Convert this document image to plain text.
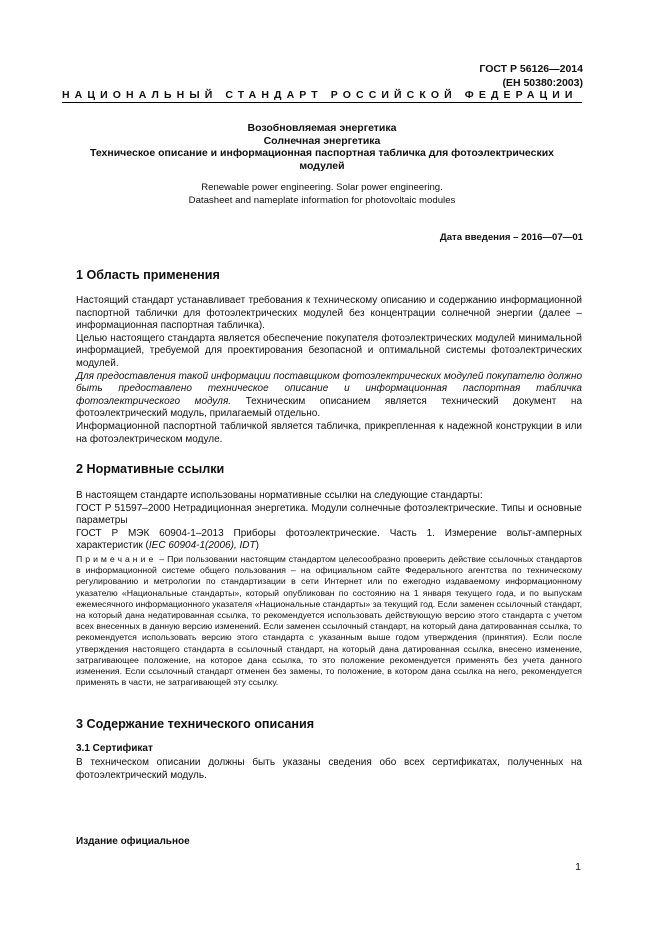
ГОСТ Р 56126—2014
(ЕН 50380:2003)
НАЦИОНАЛЬНЫЙ СТАНДАРТ РОССИЙСКОЙ ФЕДЕРАЦИИ
Возобновляемая энергетика
Солнечная энергетика
Техническое описание и информационная паспортная табличка для фотоэлектрических
модулей
Renewable power engineering. Solar power engineering.
Datasheet and nameplate information for photovoltaic modules
Дата введения – 2016—07—01
1 Область применения

Настоящий стандарт устанавливает требования к техническому описанию и содержанию информационной паспортной таблички для фотоэлектрических модулей без концентрации солнечной энергии (далее – информационная паспортная табличка).

Целью настоящего стандарта является обеспечение покупателя фотоэлектрических модулей минимальной информацией, требуемой для проектирования безопасной и оптимальной системы фотоэлектрических модулей.

Для предоставления такой информации поставщиком фотоэлектрических модулей покупателю должно быть предоставлено техническое описание и информационная паспортная табличка фотоэлектрического модуля. Техническим описанием является технический документ на фотоэлектрический модуль, прилагаемый отдельно.

Информационной паспортной табличкой является табличка, прикрепленная к надежной конструкции в или на фотоэлектрическом модуле.

2 Нормативные ссылки

В настоящем стандарте использованы нормативные ссылки на следующие стандарты:

ГОСТ Р 51597–2000 Нетрадиционная энергетика. Модули солнечные фотоэлектрические. Типы и основные параметры

ГОСТ Р МЭК 60904-1–2013 Приборы фотоэлектрические. Часть 1. Измерение вольт-амперных характеристик (IEC 60904-1(2006), IDT)

Примечание – При пользовании настоящим стандартом целесообразно проверить действие ссылочных стандартов в информационной системе общего пользования – на официальном сайте Федерального агентства по техническому регулированию и метрологии по стандартизации в сети Интернет или по ежегодно издаваемому информационному указателю «Национальные стандарты», который опубликован по состоянию на 1 января текущего года, и по выпускам ежемесячного информационного указателя «Национальные стандарты» за текущий год. Если заменен ссылочный стандарт, на который дана недатированная ссылка, то рекомендуется использовать действующую версию этого стандарта с учетом всех внесенных в данную версию изменений. Если заменен ссылочный стандарт, на который дана датированная ссылка, то рекомендуется использовать версию этого стандарта с указанным выше годом утверждения (принятия). Если после утверждения настоящего стандарта в ссылочный стандарт, на который дана датированная ссылка, внесено изменение, затрагивающее положение, на которое дана ссылка, то это положение рекомендуется применять без учета данного изменения. Если ссылочный стандарт отменен без замены, то положение, в котором дана ссылка на него, рекомендуется применять в части, не затрагивающей эту ссылку.

3 Содержание технического описания
3.1 Сертификат

В техническом описании должны быть указаны сведения обо всех сертификатах, полученных на фотоэлектрический модуль.

Издание официальное
1
